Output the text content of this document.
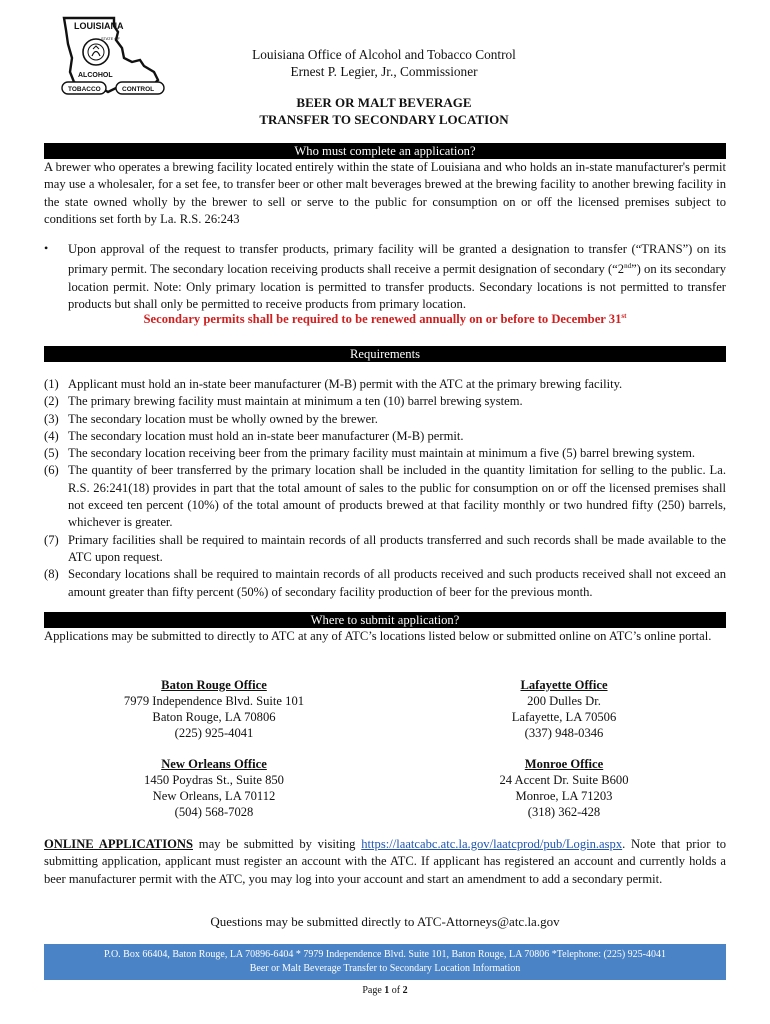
LOUISIANA
STATE OF
ALCOHOL
TOBACCO	CONTROL
Louisiana Office of Alcohol and Tobacco Control
Ernest P. Legier, Jr., Commissioner
BEER OR MALT BEVERAGE
TRANSFER TO SECONDARY LOCATION
Who must complete an application?
A brewer who operates a brewing facility located entirely within the state of Louisiana and who holds an in-state manufacturer's permit may use a wholesaler, for a set fee, to transfer beer or other malt beverages brewed at the brewing facility to another brewing facility in the state owned wholly by the brewer to sell or serve to the public for consumption on or off the licensed premises subject to conditions set forth by La. R.S. 26:243
• Upon approval of the request to transfer products, primary facility will be granted a designation to transfer (“TRANS”) on its primary permit. The secondary location receiving products shall receive a permit designation of secondary (“2nd”) on its secondary location permit. Note: Only primary location is permitted to transfer products. Secondary locations is not permitted to transfer products but shall only be permitted to receive products from primary location.
Secondary permits shall be required to be renewed annually on or before to December 31st
Requirements
(1) Applicant must hold an in-state beer manufacturer (M-B) permit with the ATC at the primary brewing facility.
(2) The primary brewing facility must maintain at minimum a ten (10) barrel brewing system.
(3) The secondary location must be wholly owned by the brewer.
(4) The secondary location must hold an in-state beer manufacturer (M-B) permit.
(5) The secondary location receiving beer from the primary facility must maintain at minimum a five (5) barrel brewing system.
(6) The quantity of beer transferred by the primary location shall be included in the quantity limitation for selling to the public. La. R.S. 26:241(18) provides in part that the total amount of sales to the public for consumption on or off the licensed premises shall not exceed ten percent (10%) of the total amount of products brewed at that facility monthly or two hundred fifty (250) barrels, whichever is greater.
(7) Primary facilities shall be required to maintain records of all products transferred and such records shall be made available to the ATC upon request.
(8) Secondary locations shall be required to maintain records of all products received and such products received shall not exceed an amount greater than fifty percent (50%) of secondary facility production of beer for the previous month.
Where to submit application?
Applications may be submitted to directly to ATC at any of ATC’s locations listed below or submitted online on ATC’s online portal.
Baton Rouge Office
7979 Independence Blvd. Suite 101
Baton Rouge, LA 70806
(225) 925-4041
Lafayette Office
200 Dulles Dr.
Lafayette, LA 70506
(337) 948-0346
New Orleans Office
1450 Poydras St., Suite 850
New Orleans, LA 70112
(504) 568-7028
Monroe Office
24 Accent Dr. Suite B600
Monroe, LA 71203
(318) 362-428
ONLINE APPLICATIONS may be submitted by visiting https://laatcabc.atc.la.gov/laatcprod/pub/Login.aspx. Note that prior to submitting application, applicant must register an account with the ATC. If applicant has registered an account and currently holds a beer manufacturer permit with the ATC, you may log into your account and start an amendment to add a secondary permit.
Questions may be submitted directly to ATC-Attorneys@atc.la.gov
P.O. Box 66404, Baton Rouge, LA 70896-6404 * 7979 Independence Blvd. Suite 101, Baton Rouge, LA 70806 *Telephone: (225) 925-4041
Beer or Malt Beverage Transfer to Secondary Location Information
Page 1 of 2
